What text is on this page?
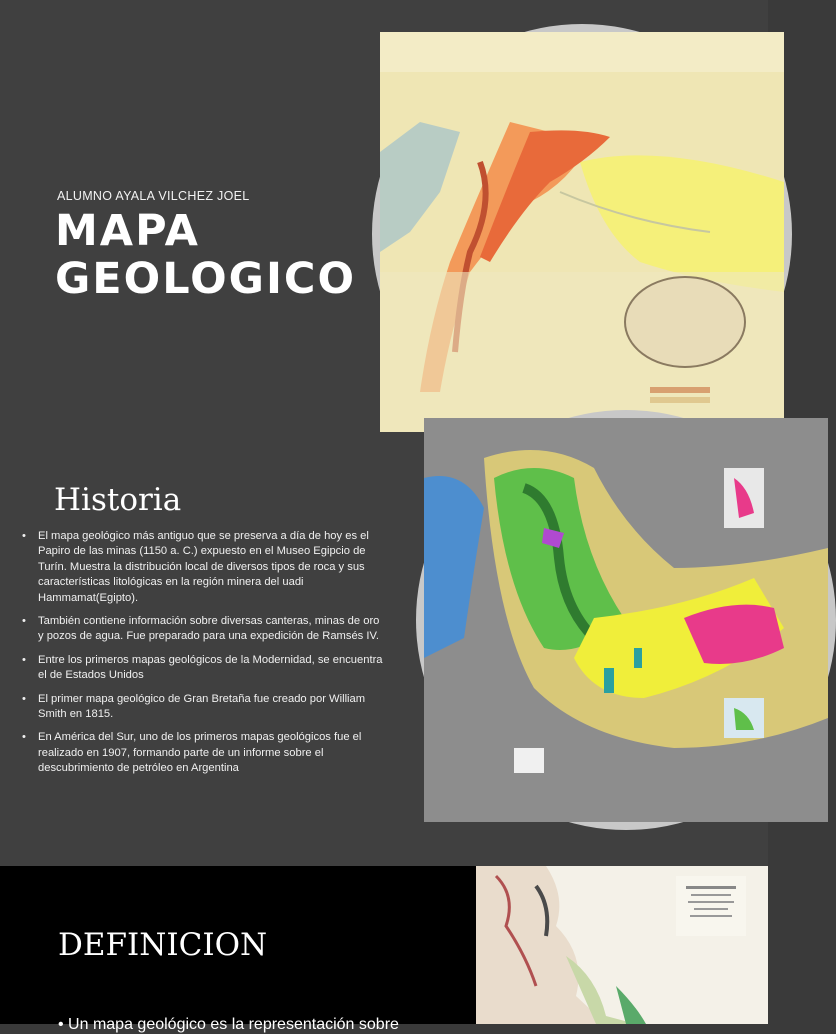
ALUMNO AYALA VILCHEZ JOEL
MAPA
GEOLOGICO
Historia
• El mapa geológico más antiguo que se preserva a día de hoy es el Papiro de las minas (1150 a. C.) expuesto en el Museo Egipcio de Turín. Muestra la distribución local de diversos tipos de roca y sus características litológicas en la región minera del uadi Hammamat(Egipto).
• También contiene información sobre diversas canteras, minas de oro y pozos de agua. Fue preparado para una expedición de Ramsés IV.
• Entre los primeros mapas geológicos de la Modernidad, se encuentra el de Estados Unidos
• El primer mapa geológico de Gran Bretaña fue creado por William Smith en 1815.
• En América del Sur, uno de los primeros mapas geológicos fue el realizado en 1907, formando parte de un informe sobre el descubrimiento de petróleo en Argentina
DEFINICION
• Un mapa geológico es la representación sobre
